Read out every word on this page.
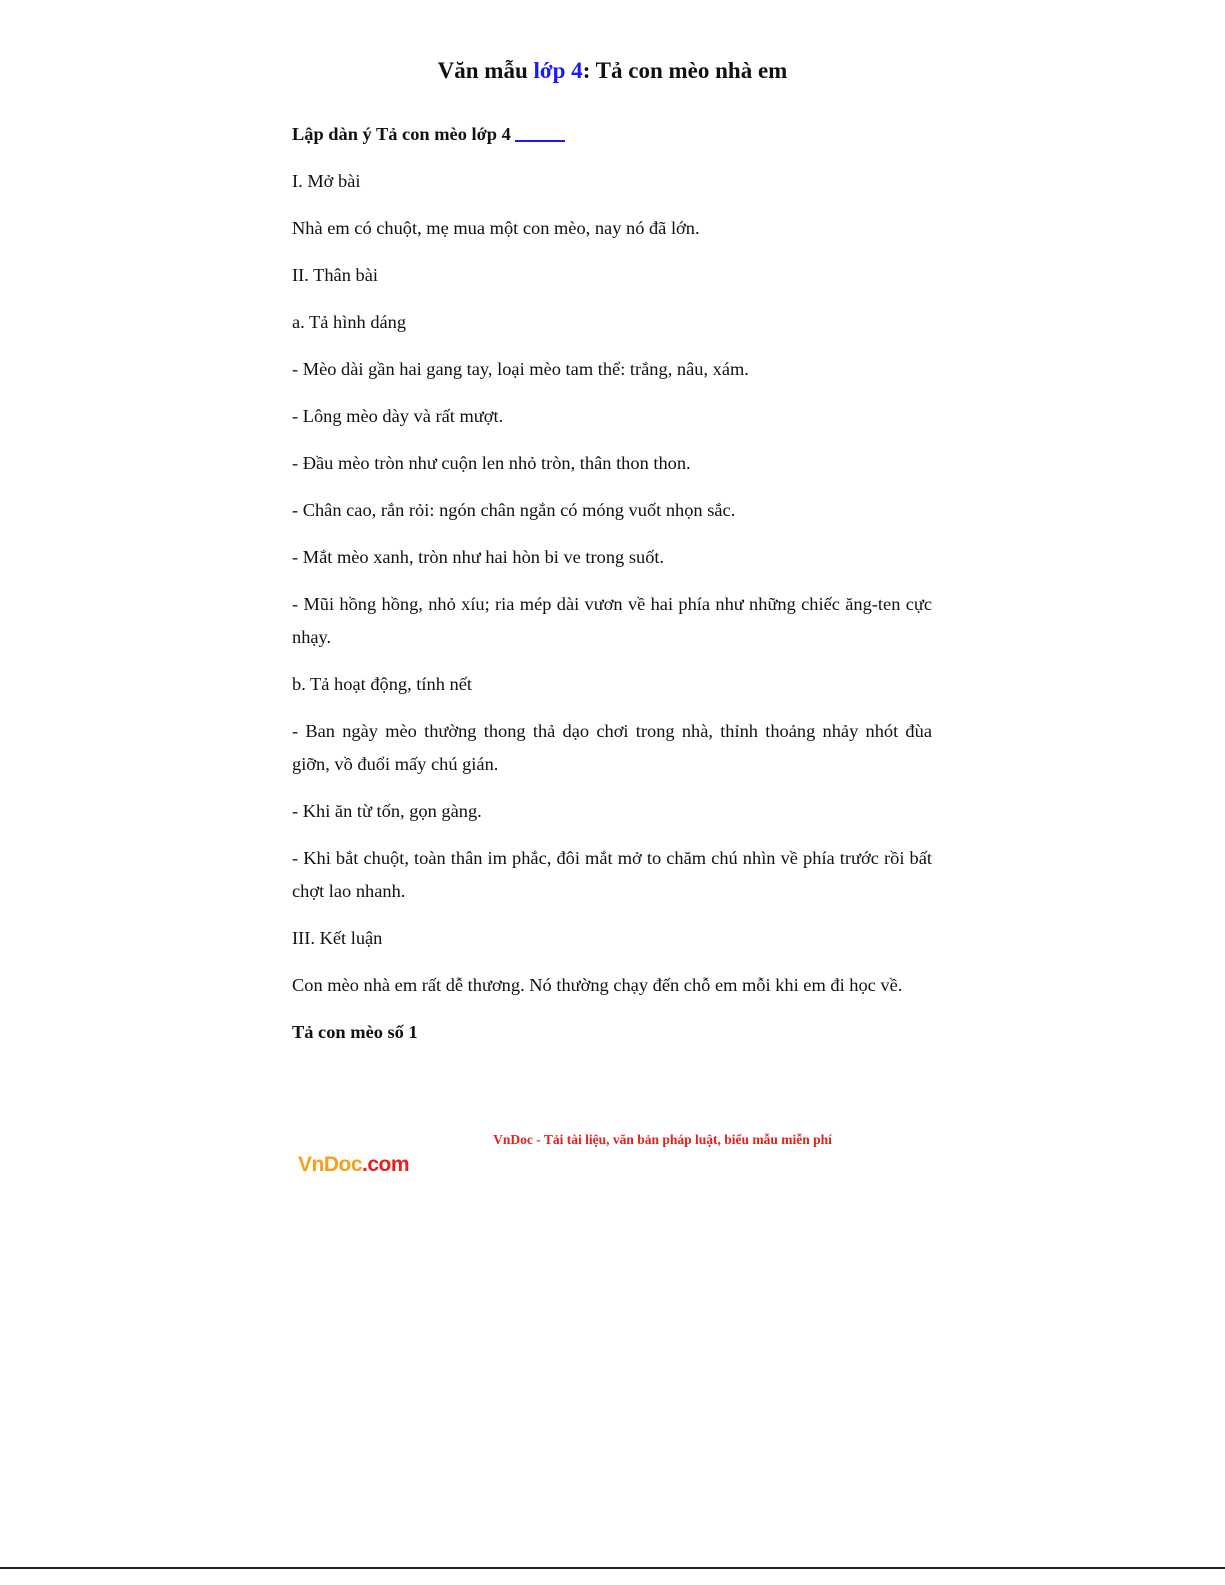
Văn mẫu lớp 4: Tả con mèo nhà em

Lập dàn ý Tả con mèo lớp 4

I. Mở bài

Nhà em có chuột, mẹ mua một con mèo, nay nó đã lớn.

II. Thân bài

a. Tả hình dáng

- Mèo dài gần hai gang tay, loại mèo tam thể: trắng, nâu, xám.

- Lông mèo dày và rất mượt.

- Đầu mèo tròn như cuộn len nhỏ tròn, thân thon thon.

- Chân cao, rắn rỏi: ngón chân ngắn có móng vuốt nhọn sắc.

- Mắt mèo xanh, tròn như hai hòn bi ve trong suốt.

- Mũi hồng hồng, nhỏ xíu; ria mép dài vươn về hai phía như những chiếc ăng-ten cực nhạy.

b. Tả hoạt động, tính nết

- Ban ngày mèo thường thong thả dạo chơi trong nhà, thỉnh thoảng nhảy nhót đùa giỡn, vồ đuổi mấy chú gián.

- Khi ăn từ tốn, gọn gàng.

- Khi bắt chuột, toàn thân im phắc, đôi mắt mở to chăm chú nhìn về phía trước rồi bất chợt lao nhanh.

III. Kết luận

Con mèo nhà em rất dễ thương. Nó thường chạy đến chỗ em mỗi khi em đi học về.

Tả con mèo số 1

VnDoc - Tải tài liệu, văn bản pháp luật, biểu mẫu miễn phí
VnDoc.com
